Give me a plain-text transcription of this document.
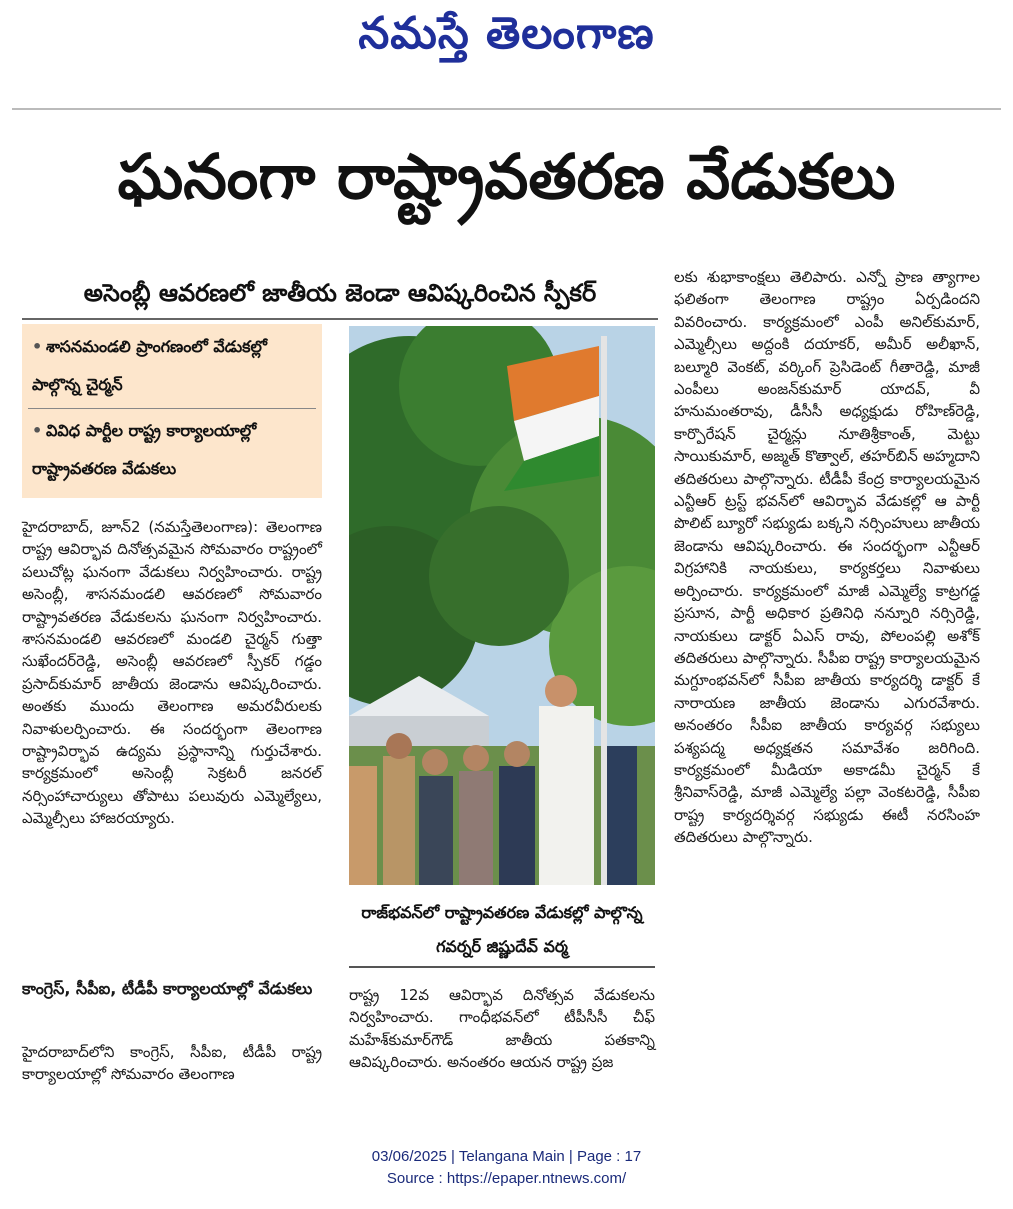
నమస్తే తెలంగాణ
ఘనంగా రాష్ట్రావతరణ వేడుకలు
అసెంబ్లీ ఆవరణలో జాతీయ జెండా ఆవిష్కరించిన స్పీకర్
• శాసనమండలి ప్రాంగణంలో వేడుకల్లో పాల్గొన్న చైర్మన్
• వివిధ పార్టీల రాష్ట్ర కార్యాలయాల్లో రాష్ట్రావతరణ వేడుకలు
హైదరాబాద్, జూన్2 (నమస్తేతెలంగాణ): తెలంగాణ రాష్ట్ర ఆవిర్భావ దినోత్సవమైన సోమవారం రాష్ట్రంలో పలుచోట్ల ఘనంగా వేడుకలు నిర్వహించారు. రాష్ట్ర అసెంబ్లీ, శాసనమండలి ఆవరణలో సోమవారం రాష్ట్రావతరణ వేడుకలను ఘనంగా నిర్వహించారు. శాసనమండలి ఆవరణలో మండలి చైర్మన్ గుత్తా సుఖేందర్‌రెడ్డి, అసెంబ్లీ ఆవరణలో స్పీకర్ గడ్డం ప్రసాద్‌కుమార్ జాతీయ జెండాను ఆవిష్కరించారు. అంతకు ముందు తెలంగాణ అమరవీరులకు నివాళులర్పించారు. ఈ సందర్భంగా తెలంగాణ రాష్ట్రావిర్భావ ఉద్యమ ప్రస్థానాన్ని గుర్తుచేశారు. కార్యక్రమంలో అసెంబ్లీ సెక్రటరీ జనరల్ నర్సింహాచార్యులు తోపాటు పలువురు ఎమ్మెల్యేలు, ఎమ్మెల్సీలు హాజరయ్యారు.
కాంగ్రెస్, సీపీఐ, టీడీపీ కార్యాలయాల్లో వేడుకలు
హైదరాబాద్‌లోని కాంగ్రెస్, సీపీఐ, టీడీపీ రాష్ట్ర కార్యాలయాల్లో సోమవారం తెలంగాణ
రాజ్‌భవన్‌లో రాష్ట్రావతరణ వేడుకల్లో పాల్గొన్న గవర్నర్ జిష్ణుదేవ్ వర్మ
రాష్ట్ర 12వ ఆవిర్భావ దినోత్సవ వేడుకలను నిర్వహించారు. గాంధీభవన్‌లో టీపీసీసీ చీఫ్ మహేశ్‌కుమార్‌గౌడ్ జాతీయ పతకాన్ని ఆవిష్కరించారు. అనంతరం ఆయన రాష్ట్ర ప్రజ
లకు శుభాకాంక్షలు తెలిపారు. ఎన్నో ప్రాణ త్యాగాల ఫలితంగా తెలంగాణ రాష్ట్రం ఏర్పడిందని వివరించారు. కార్యక్రమంలో ఎంపీ అనిల్‌కుమార్, ఎమ్మెల్సీలు అద్దంకి దయాకర్, అమీర్ అలీఖాన్, బల్మూరి వెంకట్, వర్కింగ్ ప్రెసిడెంట్ గీతారెడ్డి, మాజీ ఎంపీలు అంజన్‌కుమార్ యాదవ్, వీ హనుమంతరావు, డీసీసీ అధ్యక్షుడు రోహిణ్‌రెడ్డి, కార్పొరేషన్ చైర్మన్లు నూతిశ్రీకాంత్, మెట్టు సాయికుమార్, అజ్మత్ కొత్వాల్, తహర్‌బిన్ అహ్మదాని తదితరులు పాల్గొన్నారు. టీడీపీ కేంద్ర కార్యాలయమైన ఎన్టీఆర్ ట్రస్ట్ భవన్‌లో ఆవిర్భావ వేడుకల్లో ఆ పార్టీ పొలిట్ బ్యూరో సభ్యుడు బక్కని నర్సింహులు జాతీయ జెండాను ఆవిష్కరించారు. ఈ సందర్భంగా ఎన్టీఆర్ విగ్రహానికి నాయకులు, కార్యకర్తలు నివాళులు అర్పించారు. కార్యక్రమంలో మాజీ ఎమ్మెల్యే కాట్రగడ్డ ప్రసూన, పార్టీ అధికార ప్రతినిధి నన్నూరి నర్సిరెడ్డి, నాయకులు డాక్టర్ ఏఎస్ రావు, పోలంపల్లి అశోక్ తదితరులు పాల్గొన్నారు. సీపీఐ రాష్ట్ర కార్యాలయమైన మగ్దూంభవన్‌లో సీపీఐ జాతీయ కార్యదర్శి డాక్టర్ కే నారాయణ జాతీయ జెండాను ఎగురవేశారు. అనంతరం సీపీఐ జాతీయ కార్యవర్గ సభ్యులు పశ్యపద్మ అధ్యక్షతన సమావేశం జరిగింది. కార్యక్రమంలో మీడియా అకాడమీ చైర్మన్ కే శ్రీనివాస్‌రెడ్డి, మాజీ ఎమ్మెల్యే పల్లా వెంకటరెడ్డి, సీపీఐ రాష్ట్ర కార్యదర్శివర్గ సభ్యుడు ఈటీ నరసింహ తదితరులు పాల్గొన్నారు.
03/06/2025 | Telangana Main | Page : 17
Source : https://epaper.ntnews.com/
